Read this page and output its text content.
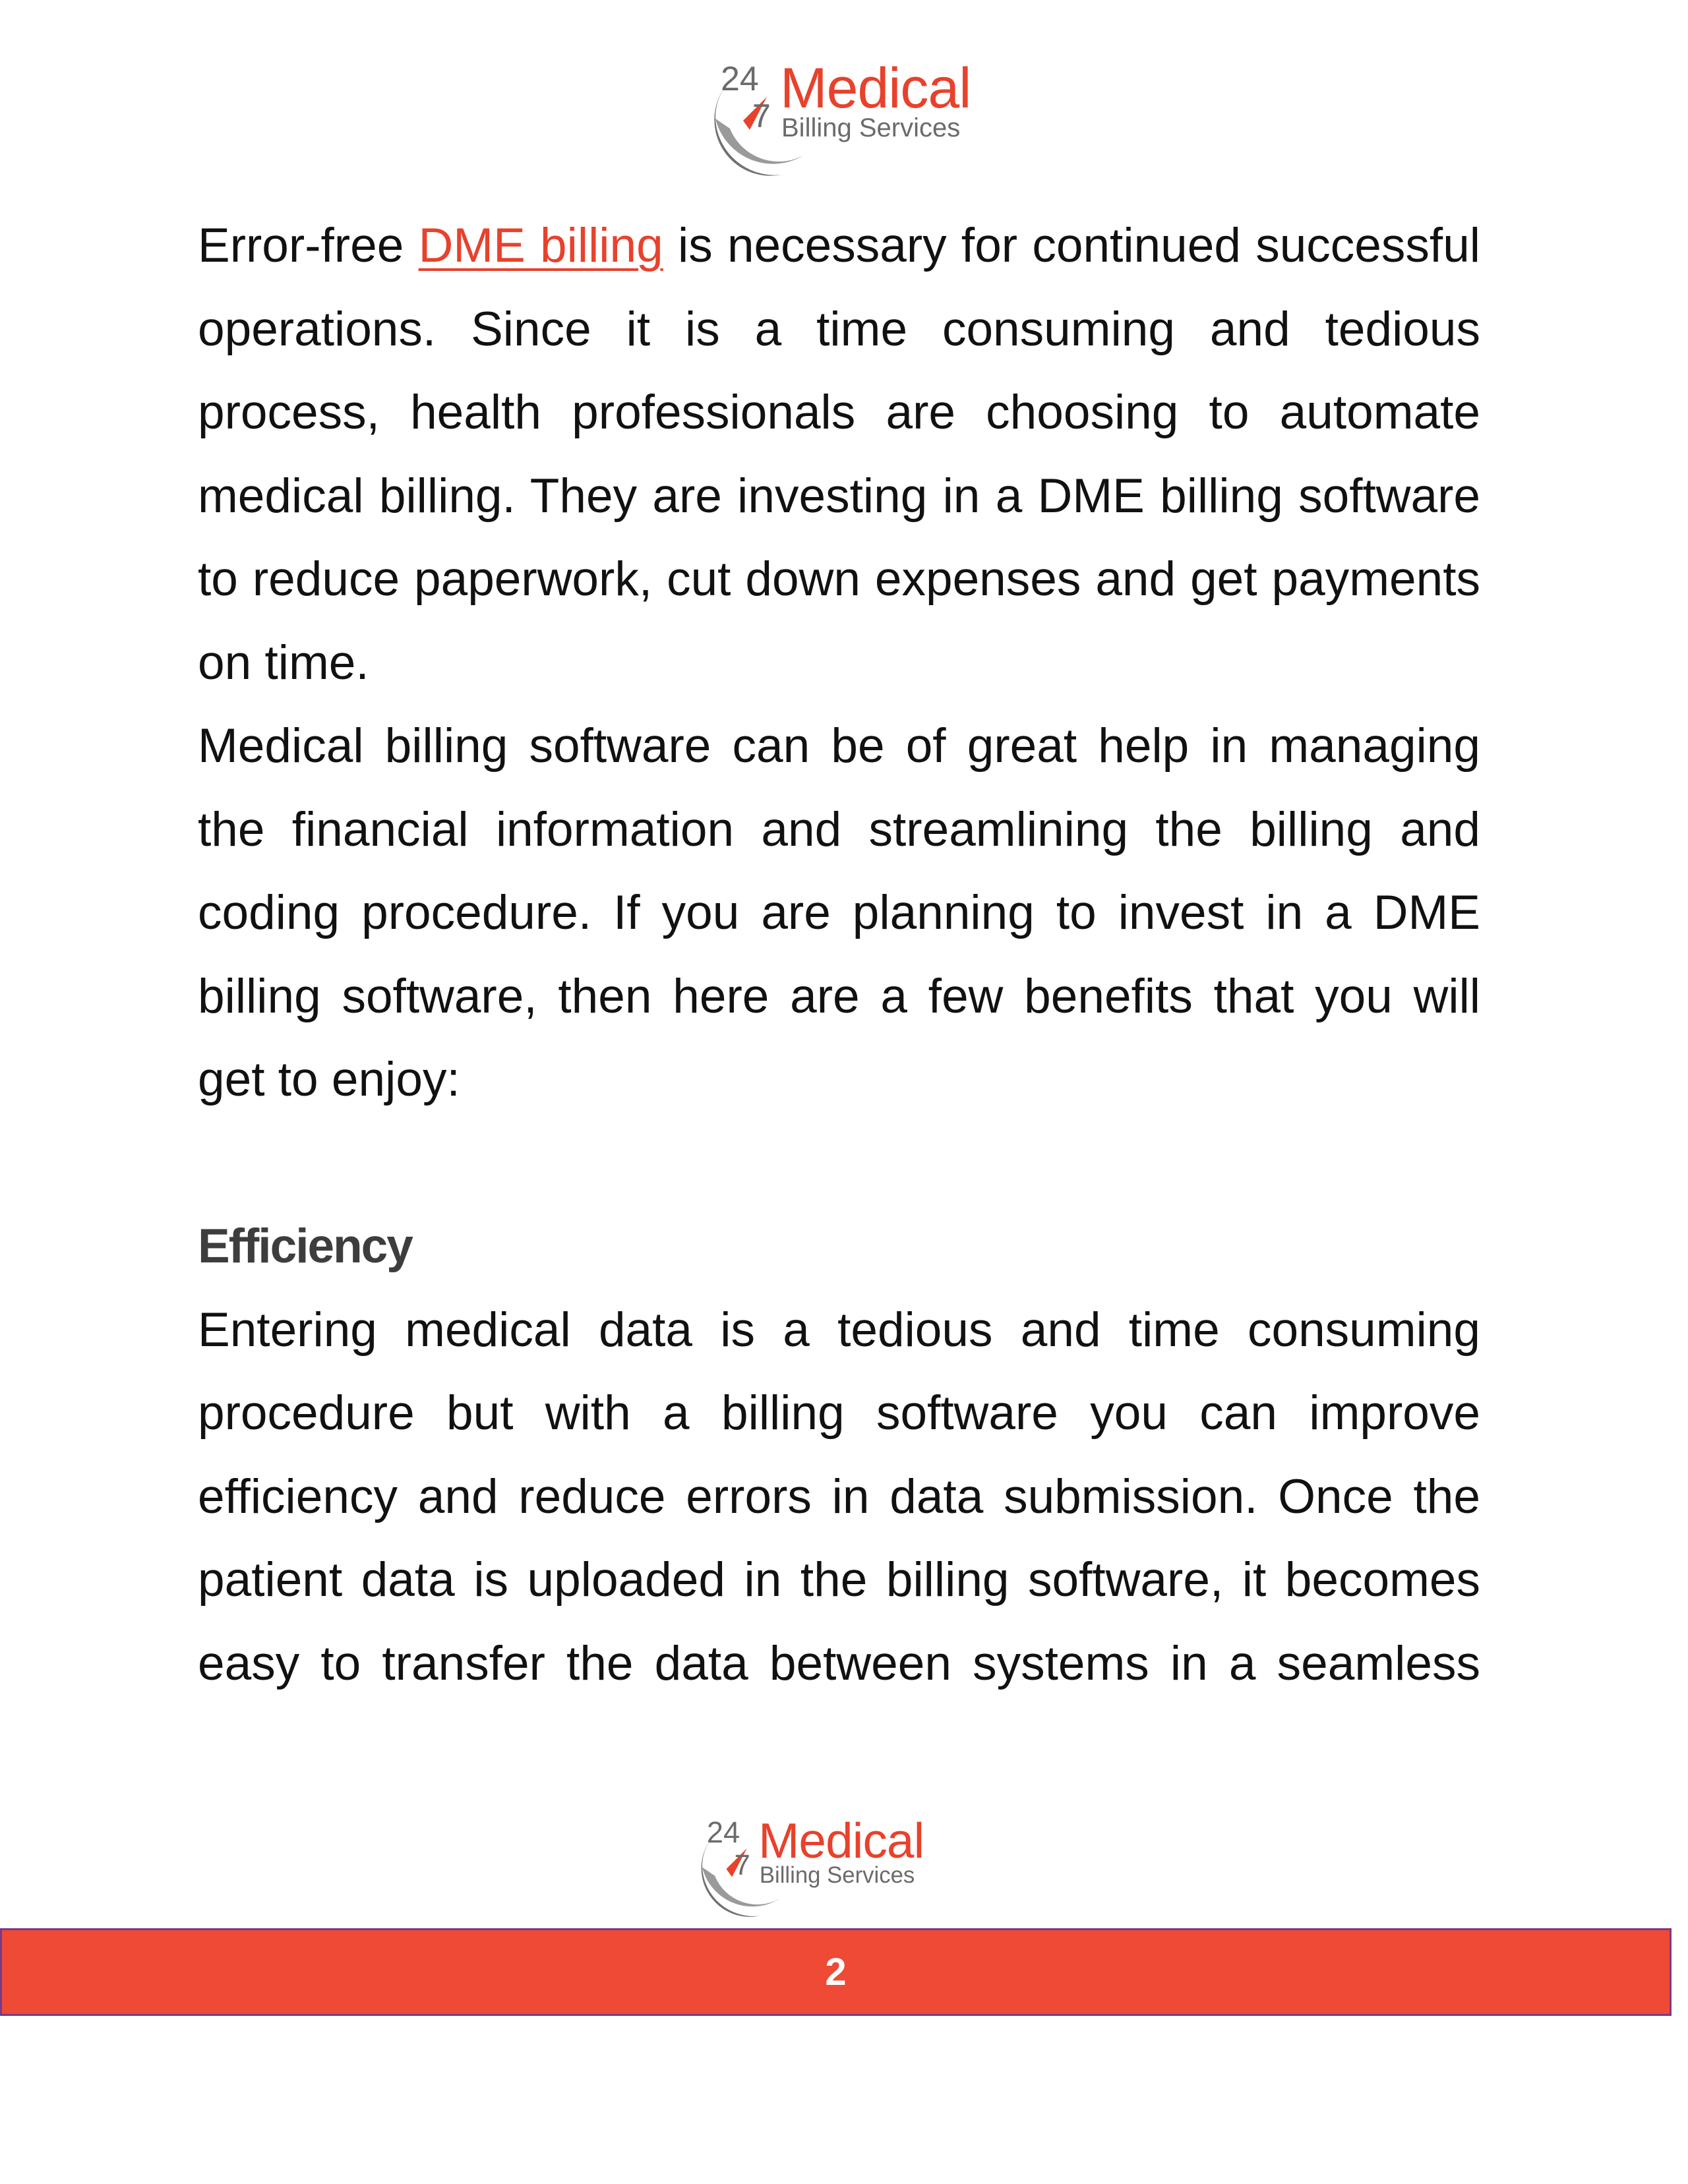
24
7 Medical
Billing Services

Error-free DME billing is necessary for continued successful operations. Since it is a time consuming and tedious process, health professionals are choosing to automate medical billing. They are investing in a DME billing software to reduce paperwork, cut down expenses and get payments on time.

Medical billing software can be of great help in managing the financial information and streamlining the billing and coding procedure. If you are planning to invest in a DME billing software, then here are a few benefits that you will get to enjoy:

Efficiency

Entering medical data is a tedious and time consuming procedure but with a billing software you can improve efficiency and reduce errors in data submission. Once the patient data is uploaded in the billing software, it becomes easy to transfer the data between systems in a seamless

24
7 Medical
Billing Services
2
